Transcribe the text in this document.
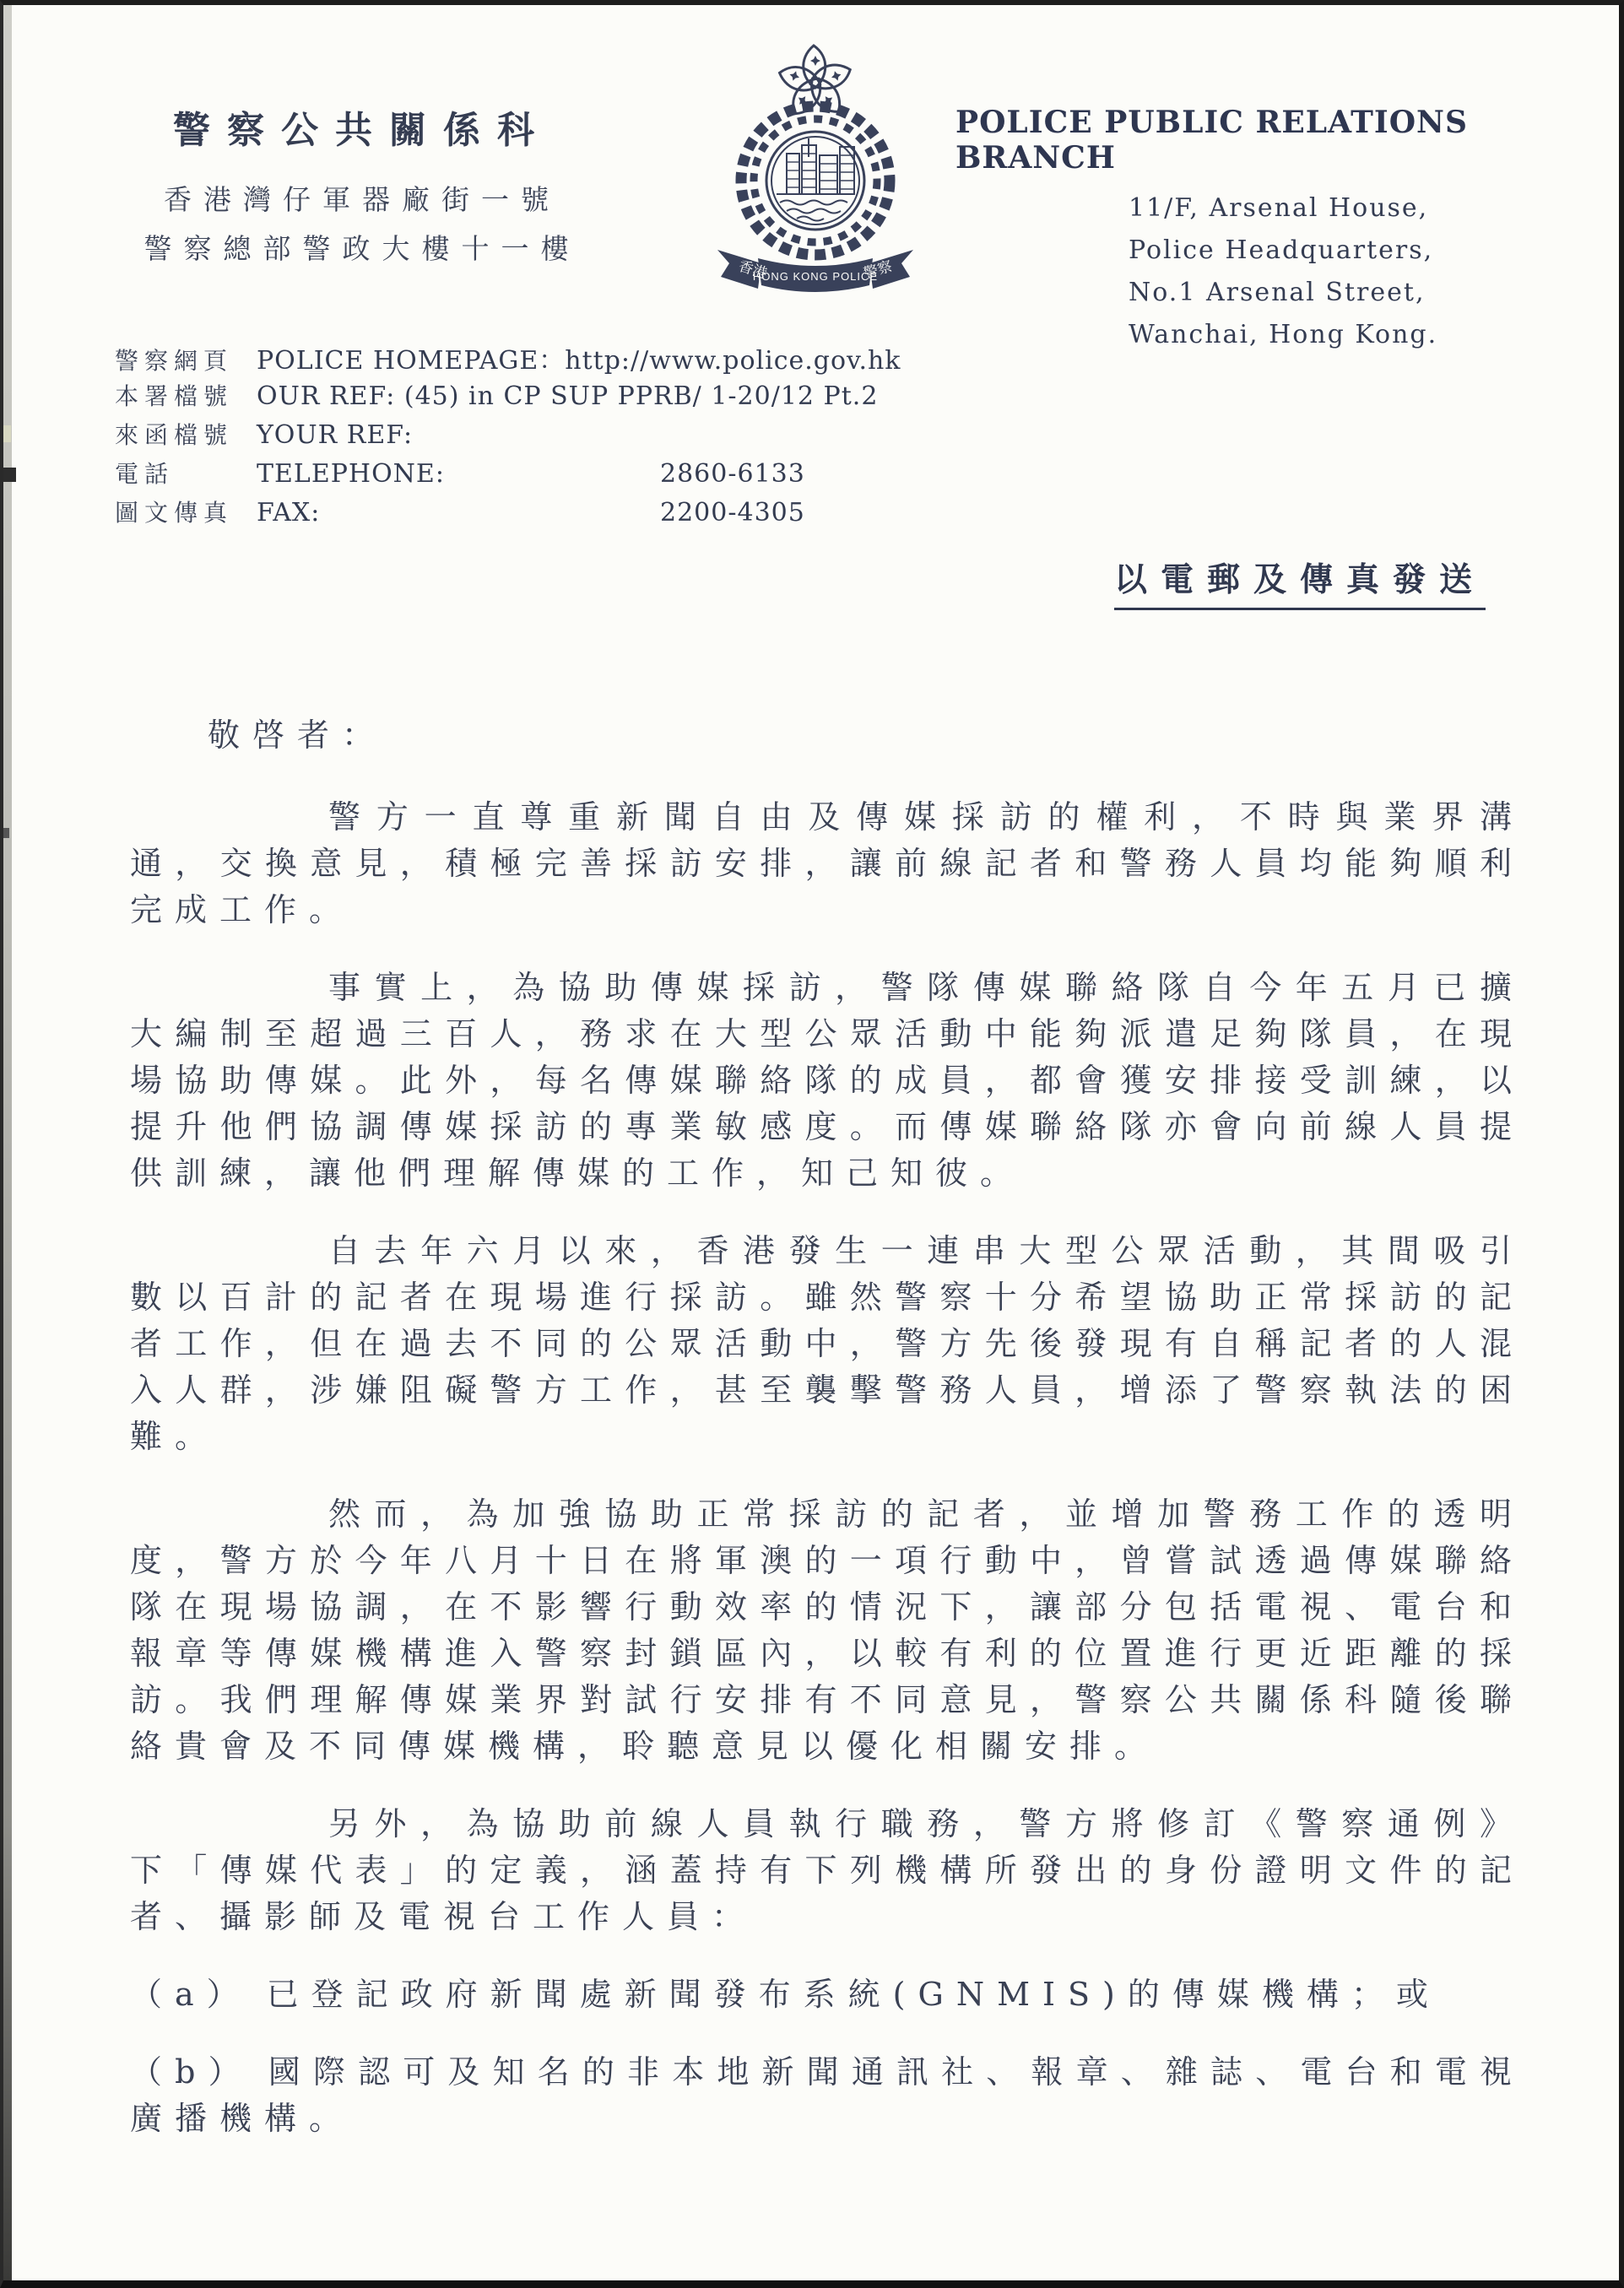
警察公共關係科
香港灣仔軍器廠街一號
警察總部警政大樓十一樓
香港
HONG KONG POLICE
警察
POLICE PUBLIC RELATIONS BRANCH
11/F, Arsenal House,
Police Headquarters,
No.1 Arsenal Street,
Wanchai, Hong Kong.
警察網頁 POLICE HOMEPAGE：http://www.police.gov.hk
本署檔號 OUR REF: (45) in CP SUP PPRB/ 1-20/12 Pt.2
來函檔號 YOUR REF:
電話	TELEPHONE:	2860-6133
圖文傳真 FAX:	2200-4305
以電郵及傳真發送
敬啓者：

警方一直尊重新聞自由及傳媒採訪的權利，不時與業界溝通，交換意見，積極完善採訪安排，讓前線記者和警務人員均能夠順利完成工作。

事實上，為協助傳媒採訪，警隊傳媒聯絡隊自今年五月已擴大編制至超過三百人，務求在大型公眾活動中能夠派遣足夠隊員，在現場協助傳媒。此外，每名傳媒聯絡隊的成員，都會獲安排接受訓練，以提升他們協調傳媒採訪的專業敏感度。而傳媒聯絡隊亦會向前線人員提供訓練，讓他們理解傳媒的工作，知己知彼。

自去年六月以來，香港發生一連串大型公眾活動，其間吸引數以百計的記者在現場進行採訪。雖然警察十分希望協助正常採訪的記者工作，但在過去不同的公眾活動中，警方先後發現有自稱記者的人混入人群，涉嫌阻礙警方工作，甚至襲擊警務人員，增添了警察執法的困難。

然而，為加強協助正常採訪的記者，並增加警務工作的透明度，警方於今年八月十日在將軍澳的一項行動中，曾嘗試透過傳媒聯絡隊在現場協調，在不影響行動效率的情況下，讓部分包括電視、電台和報章等傳媒機構進入警察封鎖區內，以較有利的位置進行更近距離的採訪。我們理解傳媒業界對試行安排有不同意見，警察公共關係科隨後聯絡貴會及不同傳媒機構，聆聽意見以優化相關安排。

另外，為協助前線人員執行職務，警方將修訂《警察通例》下「傳媒代表」的定義，涵蓋持有下列機構所發出的身份證明文件的記者、攝影師及電視台工作人員：

（a） 已登記政府新聞處新聞發布系統(GNMIS)的傳媒機構；或

（b） 國際認可及知名的非本地新聞通訊社、報章、雜誌、電台和電視廣播機構。
